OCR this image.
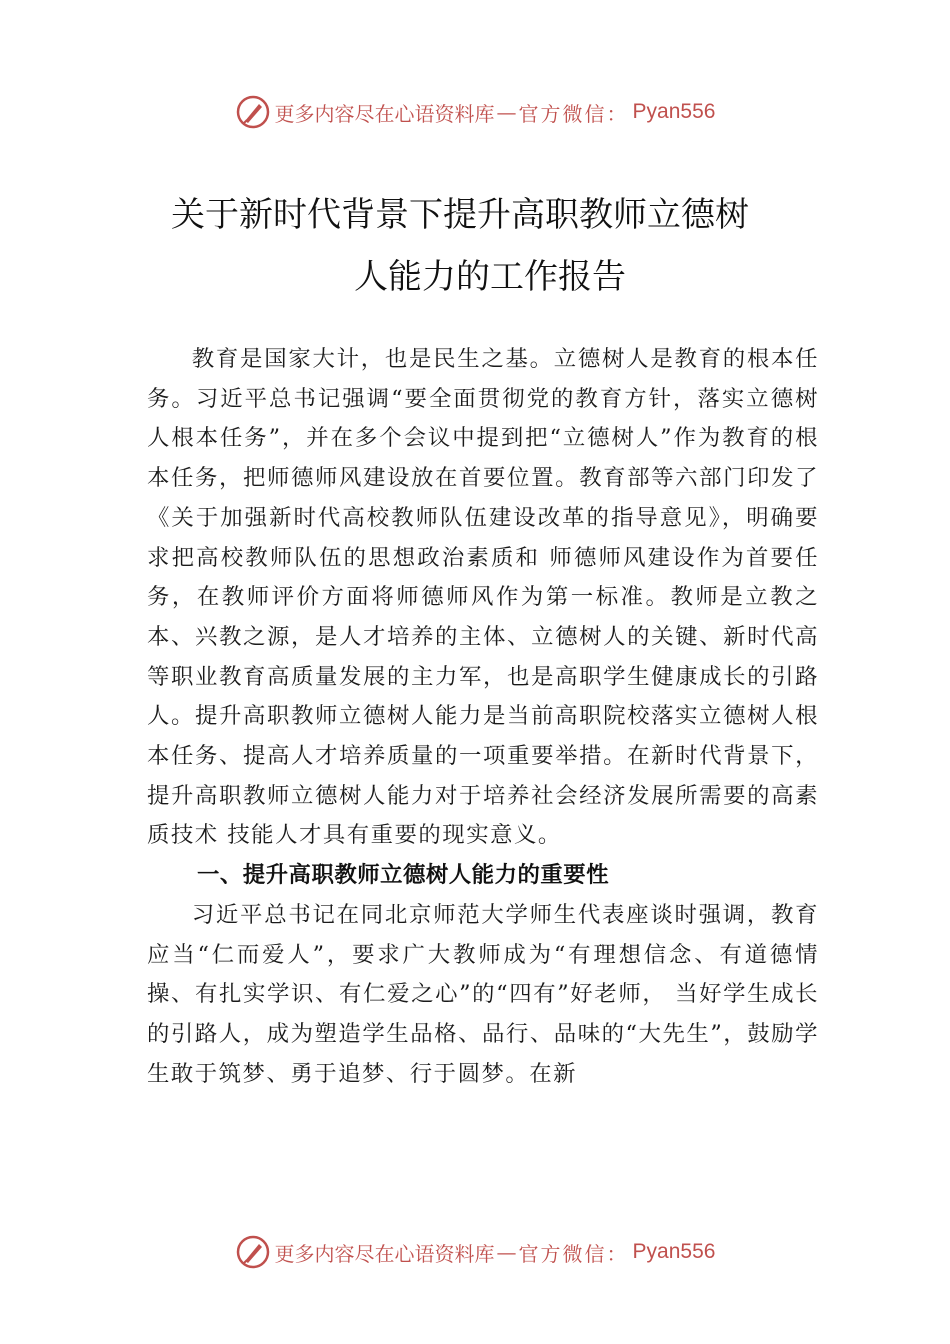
更多内容尽在心语资料库 — 官方微信： Pyan556
关于新时代背景下提升高职教师立德树
人能力的工作报告

教育是国家大计，也是民生之基。立德树人是教育的根本任务。习近平总书记强调“要全面贯彻党的教育方针，落实立德树人根本任务”，并在多个会议中提到把“立德树人”作为教育的根本任务，把师德师风建设放在首要位置。教育部等六部门印发了《关于加强新时代高校教师队伍建设改革的指导意见》，明确要求把高校教师队伍的思想政治素质和 师德师风建设作为首要任务，在教师评价方面将师德师风作为第一标准。教师是立教之本、兴教之源，是人才培养的主体、立德树人的关键、新时代高等职业教育高质量发展的主力军，也是高职学生健康成长的引路人。提升高职教师立德树人能力是当前高职院校落实立德树人根本任务、提高人才培养质量的一项重要举措。在新时代背景下，提升高职教师立德树人能力对于培养社会经济发展所需要的高素质技术 技能人才具有重要的现实意义。

一、提升高职教师立德树人能力的重要性

习近平总书记在同北京师范大学师生代表座谈时强调，教育应当“仁而爱人”，要求广大教师成为“有理想信念、有道德情操、有扎实学识、有仁爱之心”的“四有”好老师， 当好学生成长的引路人，成为塑造学生品格、品行、品味的“大先生”，鼓励学生敢于筑梦、勇于追梦、行于圆梦。在新

更多内容尽在心语资料库 — 官方微信： Pyan556
